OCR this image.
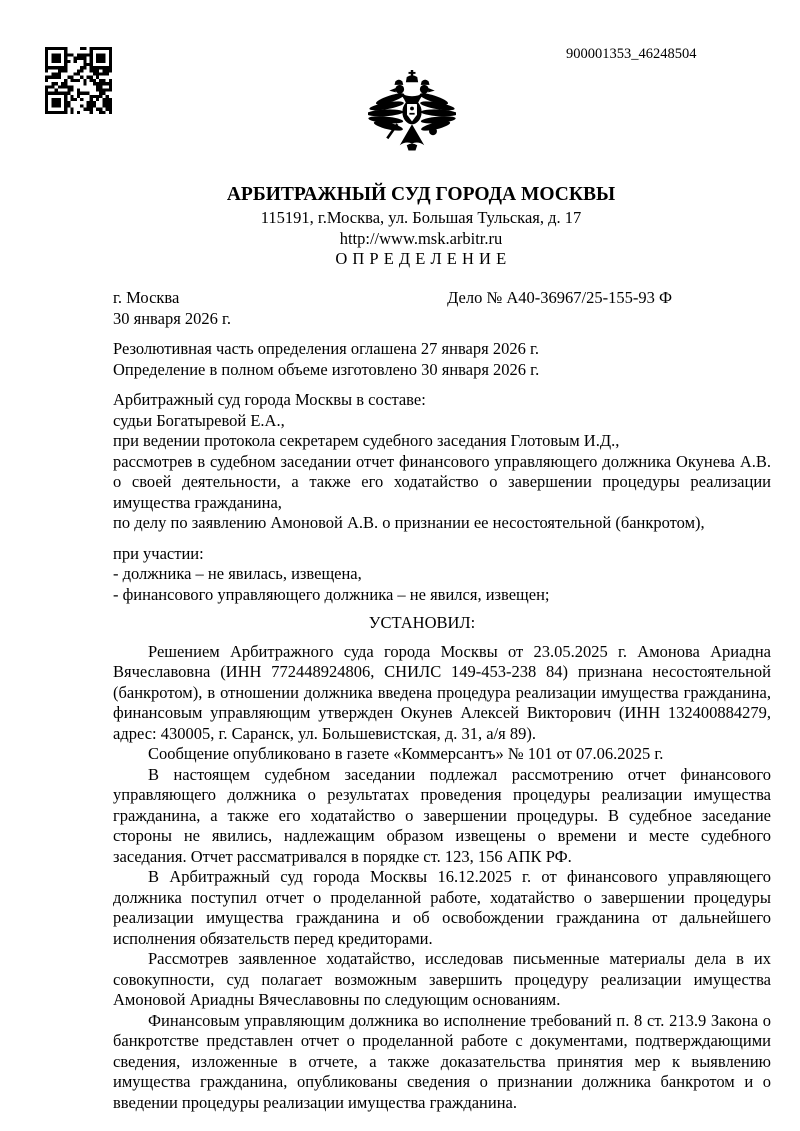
900001353_46248504
АРБИТРАЖНЫЙ СУД ГОРОДА МОСКВЫ
115191, г.Москва, ул. Большая Тульская, д. 17
http://www.msk.arbitr.ru
О П Р Е Д Е Л Е Н И Е
г. Москва	Дело № А40-36967/25-155-93 Ф
30 января 2026 г.

Резолютивная часть определения оглашена 27 января 2026 г.

Определение в полном объеме изготовлено 30 января 2026 г.

Арбитражный суд города Москвы в составе:

судьи Богатыревой Е.А.,

при ведении протокола секретарем судебного заседания Глотовым И.Д.,

рассмотрев в судебном заседании отчет финансового управляющего должника Окунева А.В. о своей деятельности, а также его ходатайство о завершении процедуры реализации имущества гражданина,

по делу по заявлению Амоновой А.В. о признании ее несостоятельной (банкротом),

при участии:

- должника – не явилась, извещена,

- финансового управляющего должника – не явился, извещен;

УСТАНОВИЛ:

Решением Арбитражного суда города Москвы от 23.05.2025 г. Амонова Ариадна Вячеславовна (ИНН 772448924806, СНИЛС 149-453-238 84) признана несостоятельной (банкротом), в отношении должника введена процедура реализации имущества гражданина, финансовым управляющим утвержден Окунев Алексей Викторович (ИНН 132400884279, адрес: 430005, г. Саранск, ул. Большевистская, д. 31, а/я 89).

Сообщение опубликовано в газете «Коммерсантъ» № 101 от 07.06.2025 г.

В настоящем судебном заседании подлежал рассмотрению отчет финансового управляющего должника о результатах проведения процедуры реализации имущества гражданина, а также его ходатайство о завершении процедуры. В судебное заседание стороны не явились, надлежащим образом извещены о времени и месте судебного заседания. Отчет рассматривался в порядке ст. 123, 156 АПК РФ.

В Арбитражный суд города Москвы 16.12.2025 г. от финансового управляющего должника поступил отчет о проделанной работе, ходатайство о завершении процедуры реализации имущества гражданина и об освобождении гражданина от дальнейшего исполнения обязательств перед кредиторами.

Рассмотрев заявленное ходатайство, исследовав письменные материалы дела в их совокупности, суд полагает возможным завершить процедуру реализации имущества Амоновой Ариадны Вячеславовны по следующим основаниям.

Финансовым управляющим должника во исполнение требований п. 8 ст. 213.9 Закона о банкротстве представлен отчет о проделанной работе с документами, подтверждающими сведения, изложенные в отчете, а также доказательства принятия мер к выявлению имущества гражданина, опубликованы сведения о признании должника банкротом и о введении процедуры реализации имущества гражданина.
